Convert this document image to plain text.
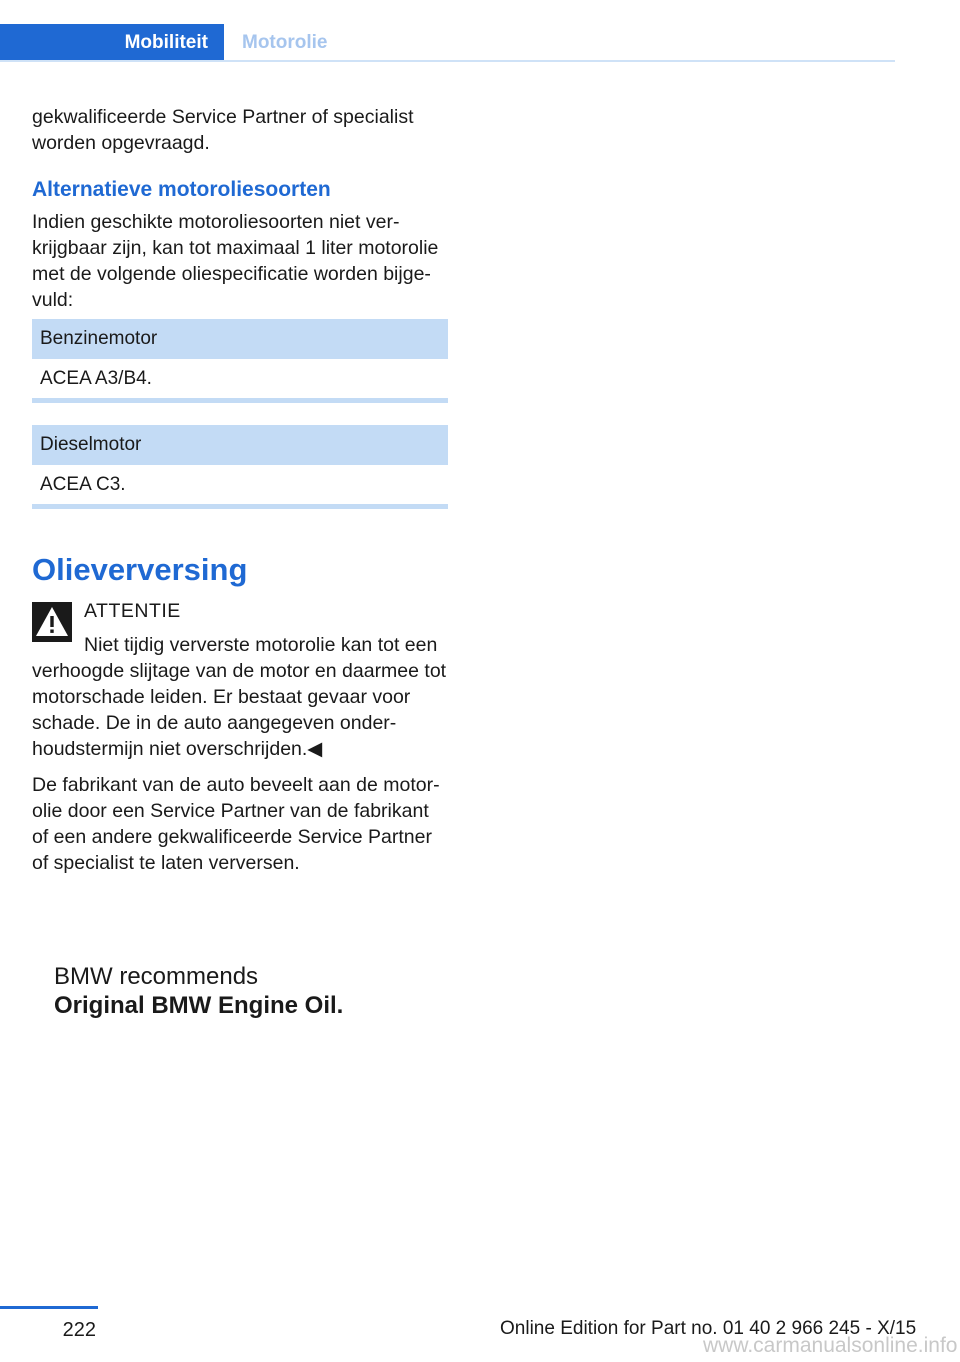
Mobiliteit	Motorolie

gekwalificeerde Service Partner of specialist worden opgevraagd.

Alternatieve motoroliesoorten

Indien geschikte motoroliesoorten niet verkrijgbaar zijn, kan tot maximaal 1 liter motorolie met de volgende oliespecificatie worden bijgevuld:

Benzinemotor
ACEA A3/B4.
Dieselmotor
ACEA C3.
Olieverversing
ATTENTIE

Niet tijdig ververste motorolie kan tot een verhoogde slijtage van de motor en daarmee tot motorschade leiden. Er bestaat gevaar voor schade. De in de auto aangegeven onderhoudstermijn niet overschrijden.◀

De fabrikant van de auto beveelt aan de motorolie door een Service Partner van de fabrikant of een andere gekwalificeerde Service Partner of specialist te laten verversen.

BMW recommends
Original BMW Engine Oil.
222	Online Edition for Part no. 01 40 2 966 245 - X/15
www.carmanualsonline.info
